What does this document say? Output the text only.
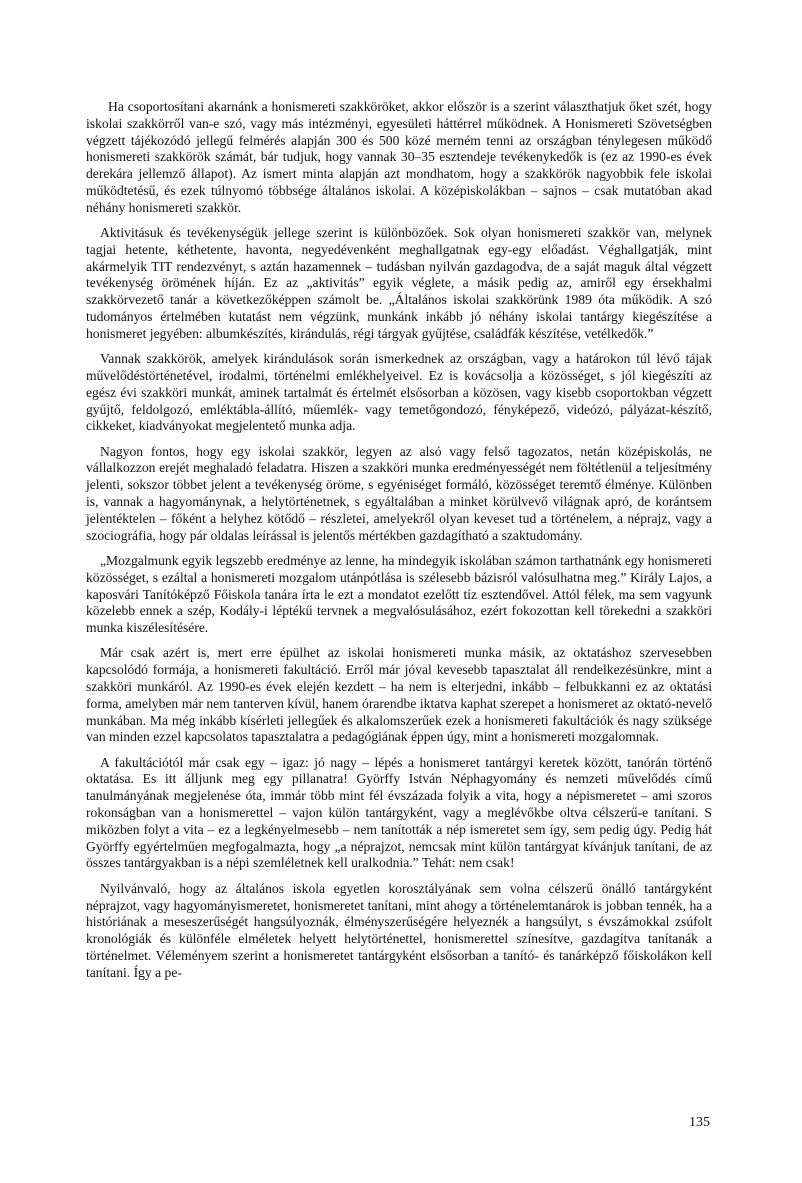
Ha csoportosítani akarnánk a honismereti szakköröket, akkor először is a szerint választhatjuk őket szét, hogy iskolai szakkörről van-e szó, vagy más intézményi, egyesületi háttérrel működnek. A Honismereti Szövetségben végzett tájékozódó jellegű felmérés alapján 300 és 500 közé merném tenni az országban ténylegesen működő honismereti szakkörök számát, bár tudjuk, hogy vannak 30–35 esztendeje tevékenykedők is (ez az 1990-es évek derekára jellemző állapot). Az ismert minta alapján azt mondhatom, hogy a szakkörök nagyobbik fele iskolai működtetésű, és ezek túlnyomó többsége általános iskolai. A középiskolákban – sajnos – csak mutatóban akad néhány honismereti szakkör.

Aktivitásuk és tevékenységük jellege szerint is különbözőek. Sok olyan honismereti szakkör van, melynek tagjai hetente, kéthetente, havonta, negyedévenként meghallgatnak egy-egy előadást. Véghallgatják, mint akármelyik TIT rendezvényt, s aztán hazamennek – tudásban nyilván gazdagodva, de a saját maguk által végzett tevékenység örömének híján. Ez az „aktivitás” egyik véglete, a másik pedig az, amiről egy érsekhalmi szakkörvezető tanár a következőképpen számolt be. „Általános iskolai szakkörünk 1989 óta működik. A szó tudományos értelmében kutatást nem végzünk, munkánk inkább jó néhány iskolai tantárgy kiegészítése a honismeret jegyében: albumkészítés, kirándulás, régi tárgyak gyűjtése, családfák készítése, vetélkedők.”

Vannak szakkörök, amelyek kirándulások során ismerkednek az országban, vagy a határokon túl lévő tájak művelődéstörténetével, irodalmi, történelmi emlékhelyeivel. Ez is kovácsolja a közösséget, s jól kiegészíti az egész évi szakköri munkát, aminek tartalmát és értelmét elsősorban a közösen, vagy kisebb csoportokban végzett gyűjtő, feldolgozó, emléktábla-állító, műemlék- vagy temetőgondozó, fényképező, videózó, pályázat-készítő, cikkeket, kiadványokat megjelentető munka adja.

Nagyon fontos, hogy egy iskolai szakkör, legyen az alsó vagy felső tagozatos, netán középiskolás, ne vállalkozzon erejét meghaladó feladatra. Hiszen a szakköri munka eredményességét nem föltétlenül a teljesítmény jelenti, sokszor többet jelent a tevékenység öröme, s egyéniséget formáló, közösséget teremtő élménye. Különben is, vannak a hagyománynak, a helytörténetnek, s egyáltalában a minket körülvevő világnak apró, de korántsem jelentéktelen – főként a helyhez kötődő – részletei, amelyekről olyan keveset tud a történelem, a néprajz, vagy a szociográfia, hogy pár oldalas leírással is jelentős mértékben gazdagítható a szaktudomány.

„Mozgalmunk egyik legszebb eredménye az lenne, ha mindegyik iskolában számon tarthatnánk egy honismereti közösséget, s ezáltal a honismereti mozgalom utánpótlása is szélesebb bázisról valósulhatna meg.” Király Lajos, a kaposvári Tanítóképző Főiskola tanára írta le ezt a mondatot ezelőtt tíz esztendővel. Attól félek, ma sem vagyunk közelebb ennek a szép, Kodály-i léptékű tervnek a megvalósulásához, ezért fokozottan kell törekedni a szakköri munka kiszélesítésére.

Már csak azért is, mert erre épülhet az iskolai honismereti munka másik, az oktatáshoz szervesebben kapcsolódó formája, a honismereti fakultáció. Erről már jóval kevesebb tapasztalat áll rendelkezésünkre, mint a szakköri munkáról. Az 1990-es évek elején kezdett – ha nem is elterjedni, inkább – felbukkanni ez az oktatási forma, amelyben már nem tanterven kívül, hanem órarendbe iktatva kaphat szerepet a honismeret az oktató-nevelő munkában. Ma még inkább kísérleti jellegűek és alkalomszerűek ezek a honismereti fakultációk és nagy szüksége van minden ezzel kapcsolatos tapasztalatra a pedagógiának éppen úgy, mint a honismereti mozgalomnak.

A fakultációtól már csak egy – igaz: jó nagy – lépés a honismeret tantárgyi keretek között, tanórán történő oktatása. Es itt álljunk meg egy pillanatra! Györffy István Néphagyomány és nemzeti művelődés című tanulmányának megjelenése óta, immár több mint fél évszázada folyik a vita, hogy a népismeretet – ami szoros rokonságban van a honismerettel – vajon külön tantárgyként, vagy a meglévőkbe oltva célszerű-e tanítani. S miközben folyt a vita – ez a legkényelmesebb – nem tanították a nép ismeretet sem így, sem pedig úgy. Pedig hát Györffy egyértelműen megfogalmazta, hogy „a néprajzot, nemcsak mint külön tantárgyat kívánjuk tanítani, de az összes tantárgyakban is a népi szemléletnek kell uralkodnia.” Tehát: nem csak!

Nyilvánvaló, hogy az általános iskola egyetlen korosztályának sem volna célszerű önálló tantárgyként néprajzot, vagy hagyományismeretet, honismeretet tanítani, mint ahogy a történelemtanárok is jobban tennék, ha a históriának a meseszerűségét hangsúlyoznák, élményszerűségére helyeznék a hangsúlyt, s évszámokkal zsúfolt kronológiák és különféle elméletek helyett helytörténettel, honismerettel színesítve, gazdagítva tanítanák a történelmet. Véleményem szerint a honismeretet tantárgyként elsősorban a tanító- és tanárképző főiskolákon kell tanítani. Így a pe-

135
